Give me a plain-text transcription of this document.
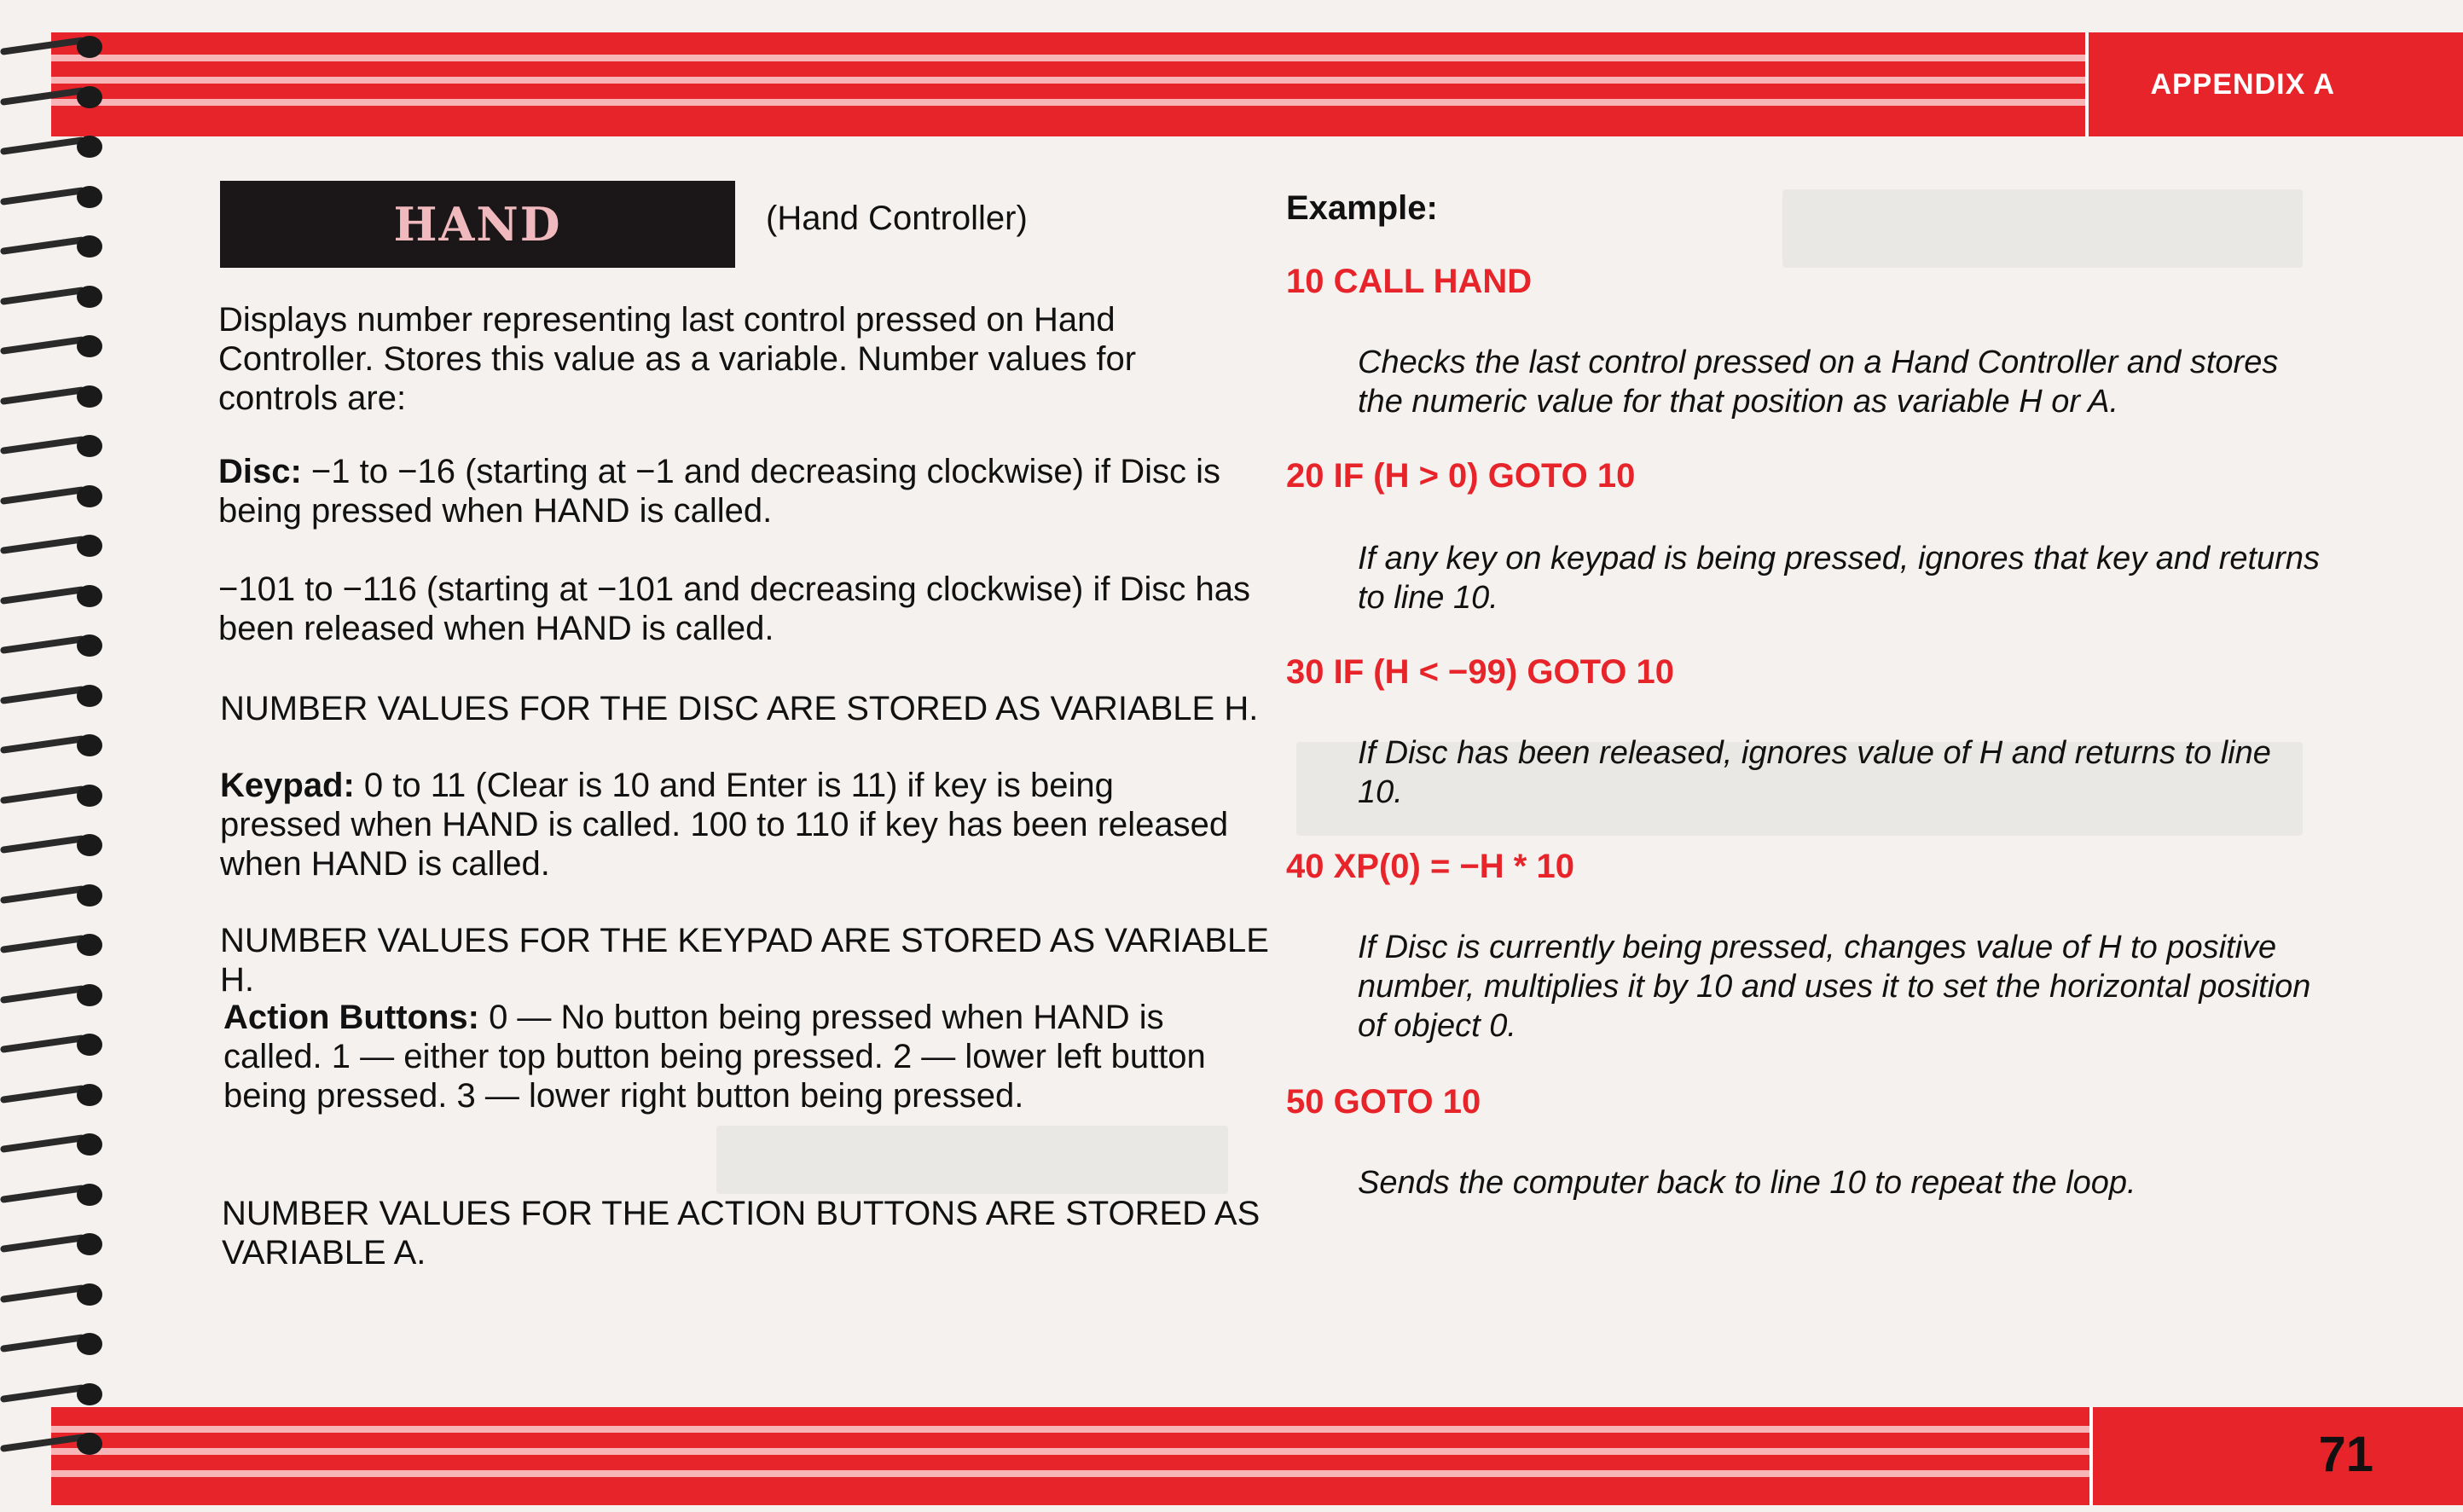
APPENDIX A
71
HAND	(Hand Controller)

Displays number representing last control pressed on Hand Controller. Stores this value as a variable. Number values for controls are:

Disc: −1 to −16 (starting at −1 and decreasing clockwise) if Disc is being pressed when HAND is called.

−101 to −116 (starting at −101 and decreasing clockwise) if Disc has been released when HAND is called.

NUMBER VALUES FOR THE DISC ARE STORED AS VARIABLE H.

Keypad: 0 to 11 (Clear is 10 and Enter is 11) if key is being pressed when HAND is called. 100 to 110 if key has been released when HAND is called.

NUMBER VALUES FOR THE KEYPAD ARE STORED AS VARIABLE H.

Action Buttons: 0 — No button being pressed when HAND is called. 1 — either top button being pressed. 2 — lower left button being pressed. 3 — lower right button being pressed.

NUMBER VALUES FOR THE ACTION BUTTONS ARE STORED AS VARIABLE A.

Example:
10 CALL HAND

Checks the last control pressed on a Hand Controller and stores the numeric value for that position as variable H or A.

20 IF (H > 0) GOTO 10

If any key on keypad is being pressed, ignores that key and returns to line 10.

30 IF (H < −99) GOTO 10

If Disc has been released, ignores value of H and returns to line 10.

40 XP(0) = −H * 10

If Disc is currently being pressed, changes value of H to positive number, multiplies it by 10 and uses it to set the horizontal position of object 0.

50 GOTO 10

Sends the computer back to line 10 to repeat the loop.
